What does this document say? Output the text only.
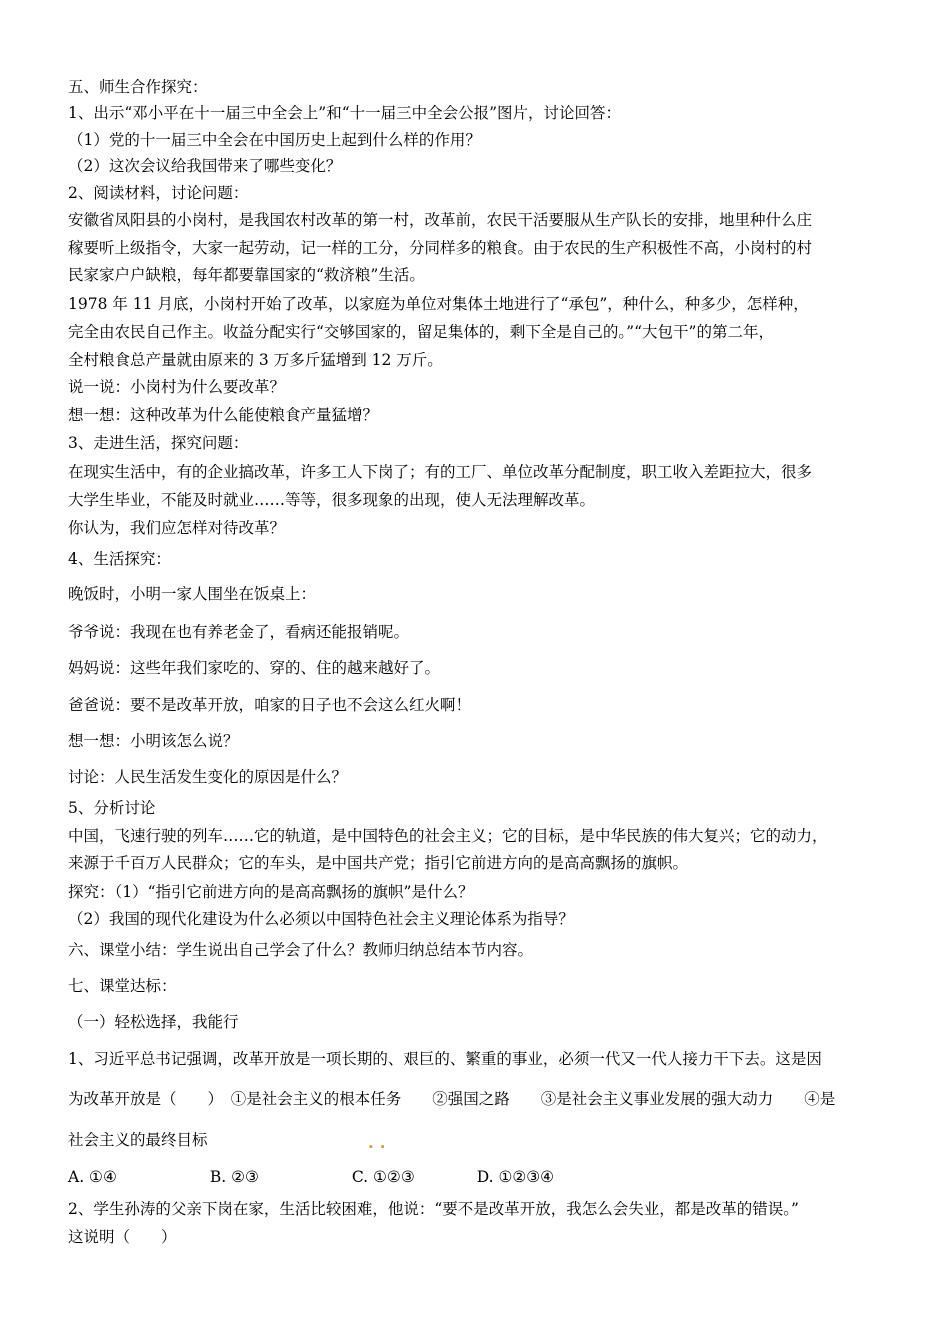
五、师生合作探究：
1、出示“邓小平在十一届三中全会上”和“十一届三中全会公报”图片，讨论回答：
（1）党的十一届三中全会在中国历史上起到什么样的作用？
（2）这次会议给我国带来了哪些变化？
2、阅读材料，讨论问题：
安徽省凤阳县的小岗村，是我国农村改革的第一村，改革前，农民干活要服从生产队长的安排，地里种什么庄
稼要听上级指令，大家一起劳动，记一样的工分，分同样多的粮食。由于农民的生产积极性不高，小岗村的村
民家家户户缺粮，每年都要靠国家的“救济粮”生活。
1978 年 11 月底，小岗村开始了改革，以家庭为单位对集体土地进行了“承包”，种什么，种多少，怎样种，
完全由农民自己作主。收益分配实行“交够国家的，留足集体的，剩下全是自己的。”“大包干”的第二年，
全村粮食总产量就由原来的 3 万多斤猛增到 12 万斤。
说一说：小岗村为什么要改革？
想一想：这种改革为什么能使粮食产量猛增？
3、走进生活，探究问题：
在现实生活中，有的企业搞改革，许多工人下岗了；有的工厂、单位改革分配制度，职工收入差距拉大，很多
大学生毕业，不能及时就业……等等，很多现象的出现，使人无法理解改革。
你认为，我们应怎样对待改革？
4、生活探究：
晚饭时，小明一家人围坐在饭桌上：
爷爷说：我现在也有养老金了，看病还能报销呢。
妈妈说：这些年我们家吃的、穿的、住的越来越好了。
爸爸说：要不是改革开放，咱家的日子也不会这么红火啊！
想一想：小明该怎么说？
讨论：人民生活发生变化的原因是什么？
5、分析讨论
中国，飞速行驶的列车……它的轨道，是中国特色的社会主义；它的目标，是中华民族的伟大复兴；它的动力，
来源于千百万人民群众；它的车头，是中国共产党；指引它前进方向的是高高飘扬的旗帜。
探究：（1）“指引它前进方向的是高高飘扬的旗帜”是什么？
（2）我国的现代化建设为什么必须以中国特色社会主义理论体系为指导？
六、课堂小结：学生说出自己学会了什么？教师归纳总结本节内容。
七、课堂达标：
（一）轻松选择，我能行
1、习近平总书记强调，改革开放是一项长期的、艰巨的、繁重的事业，必须一代又一代人接力干下去。这是因
为改革开放是（　　）　①是社会主义的根本任务　　②强国之路　　③是社会主义事业发展的强大动力　　④是
社会主义的最终目标	..
A. ①④　　　　　　B. ②③　　　　　　C. ①②③　　　　D. ①②③④
2、学生孙涛的父亲下岗在家，生活比较困难，他说：“要不是改革开放，我怎么会失业，都是改革的错误。”
这说明（　　）
